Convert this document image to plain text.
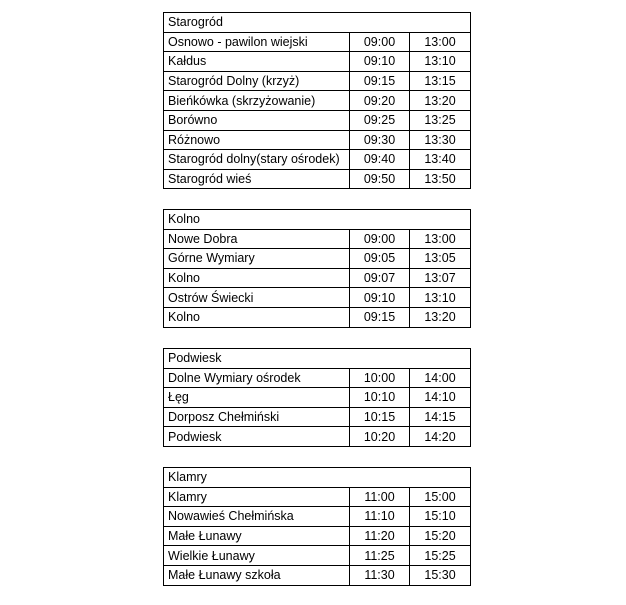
Starogród		
Osnowo - pawilon wiejski	09:00	13:00
Kałdus	09:10	13:10
Starogród Dolny (krzyż)	09:15	13:15
Bieńkówka (skrzyżowanie)	09:20	13:20
Borówno	09:25	13:25
Różnowo	09:30	13:30
Starogród dolny(stary ośrodek)	09:40	13:40
Starogród wieś	09:50	13:50
Kolno		
Nowe Dobra	09:00	13:00
Górne Wymiary	09:05	13:05
Kolno	09:07	13:07
Ostrów Świecki	09:10	13:10
Kolno	09:15	13:20
Podwiesk		
Dolne Wymiary ośrodek	10:00	14:00
Łęg	10:10	14:10
Dorposz Chełmiński	10:15	14:15
Podwiesk	10:20	14:20
Klamry		
Klamry	11:00	15:00
Nowawieś Chełmińska	11:10	15:10
Małe Łunawy	11:20	15:20
Wielkie Łunawy	11:25	15:25
Małe Łunawy szkoła	11:30	15:30
